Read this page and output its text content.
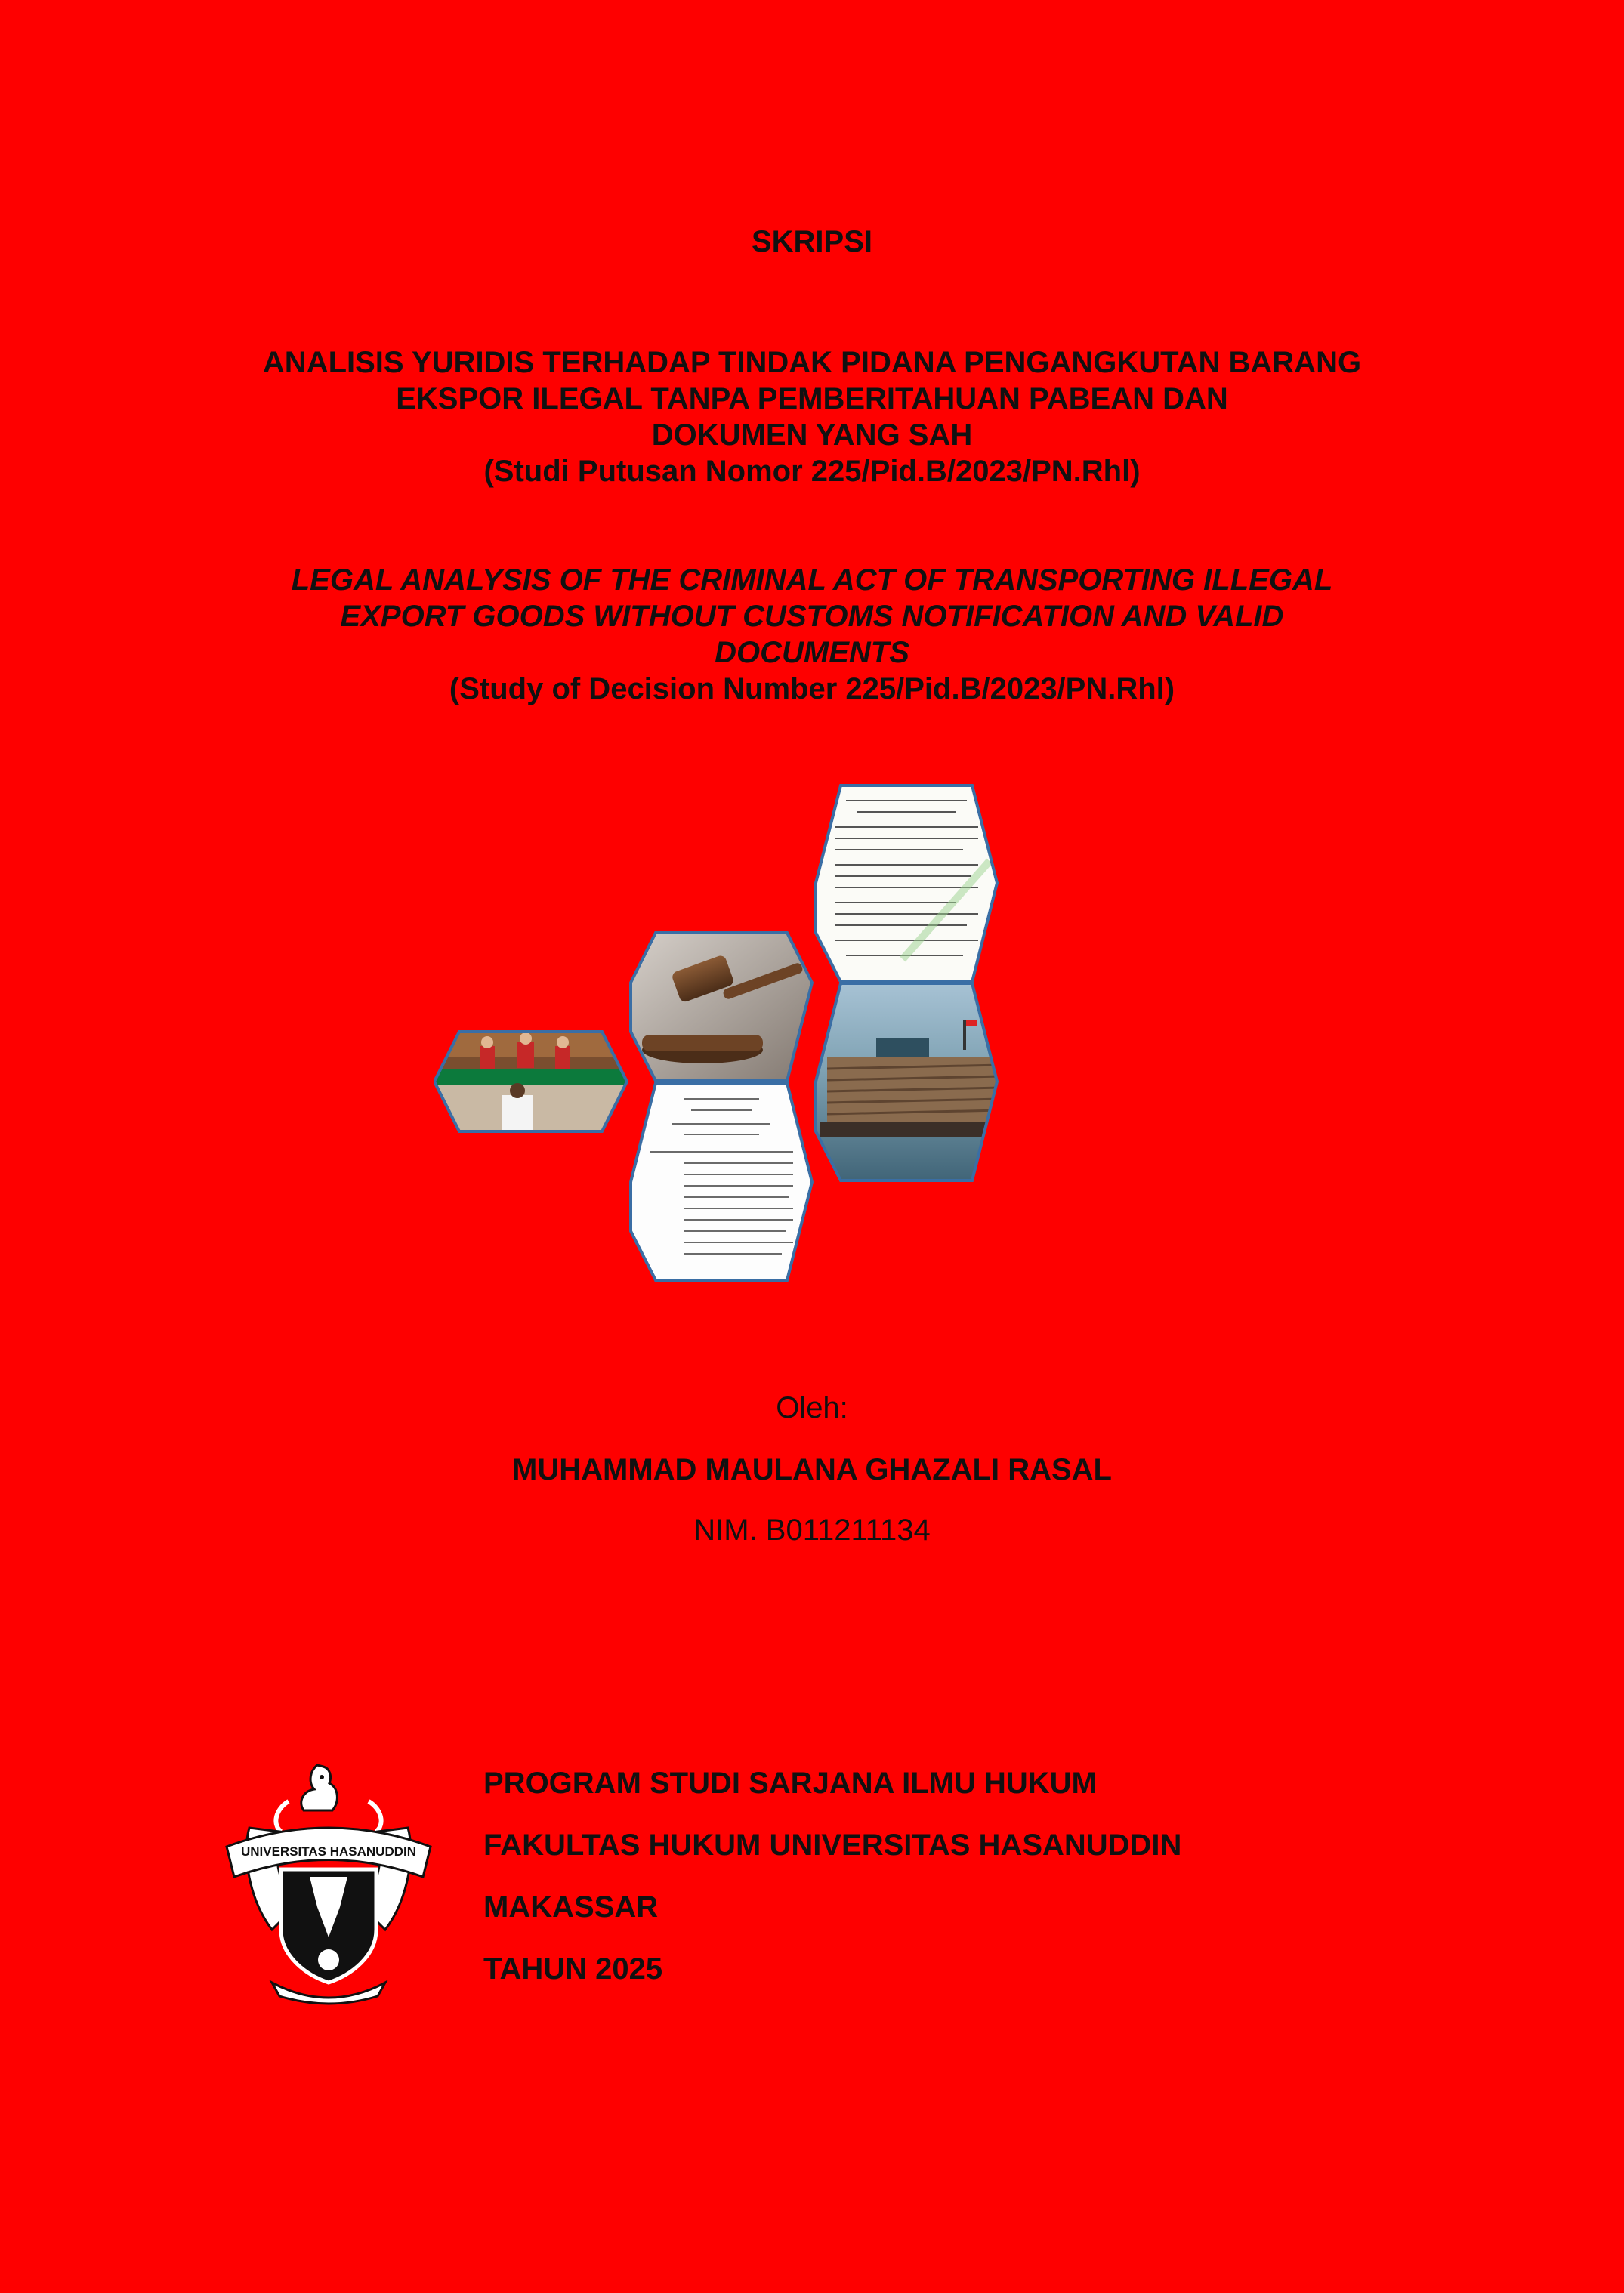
SKRIPSI
ANALISIS YURIDIS TERHADAP TINDAK PIDANA PENGANGKUTAN BARANG
EKSPOR ILEGAL TANPA PEMBERITAHUAN PABEAN DAN
DOKUMEN YANG SAH
(Studi Putusan Nomor 225/Pid.B/2023/PN.Rhl)
LEGAL ANALYSIS OF THE CRIMINAL ACT OF TRANSPORTING ILLEGAL
EXPORT GOODS WITHOUT CUSTOMS NOTIFICATION AND VALID
DOCUMENTS
(Study of Decision Number 225/Pid.B/2023/PN.Rhl)
Oleh:
MUHAMMAD MAULANA GHAZALI RASAL
NIM. B011211134
UNIVERSITAS HASANUDDIN
PROGRAM STUDI SARJANA ILMU HUKUM
FAKULTAS HUKUM UNIVERSITAS HASANUDDIN
MAKASSAR
TAHUN 2025
